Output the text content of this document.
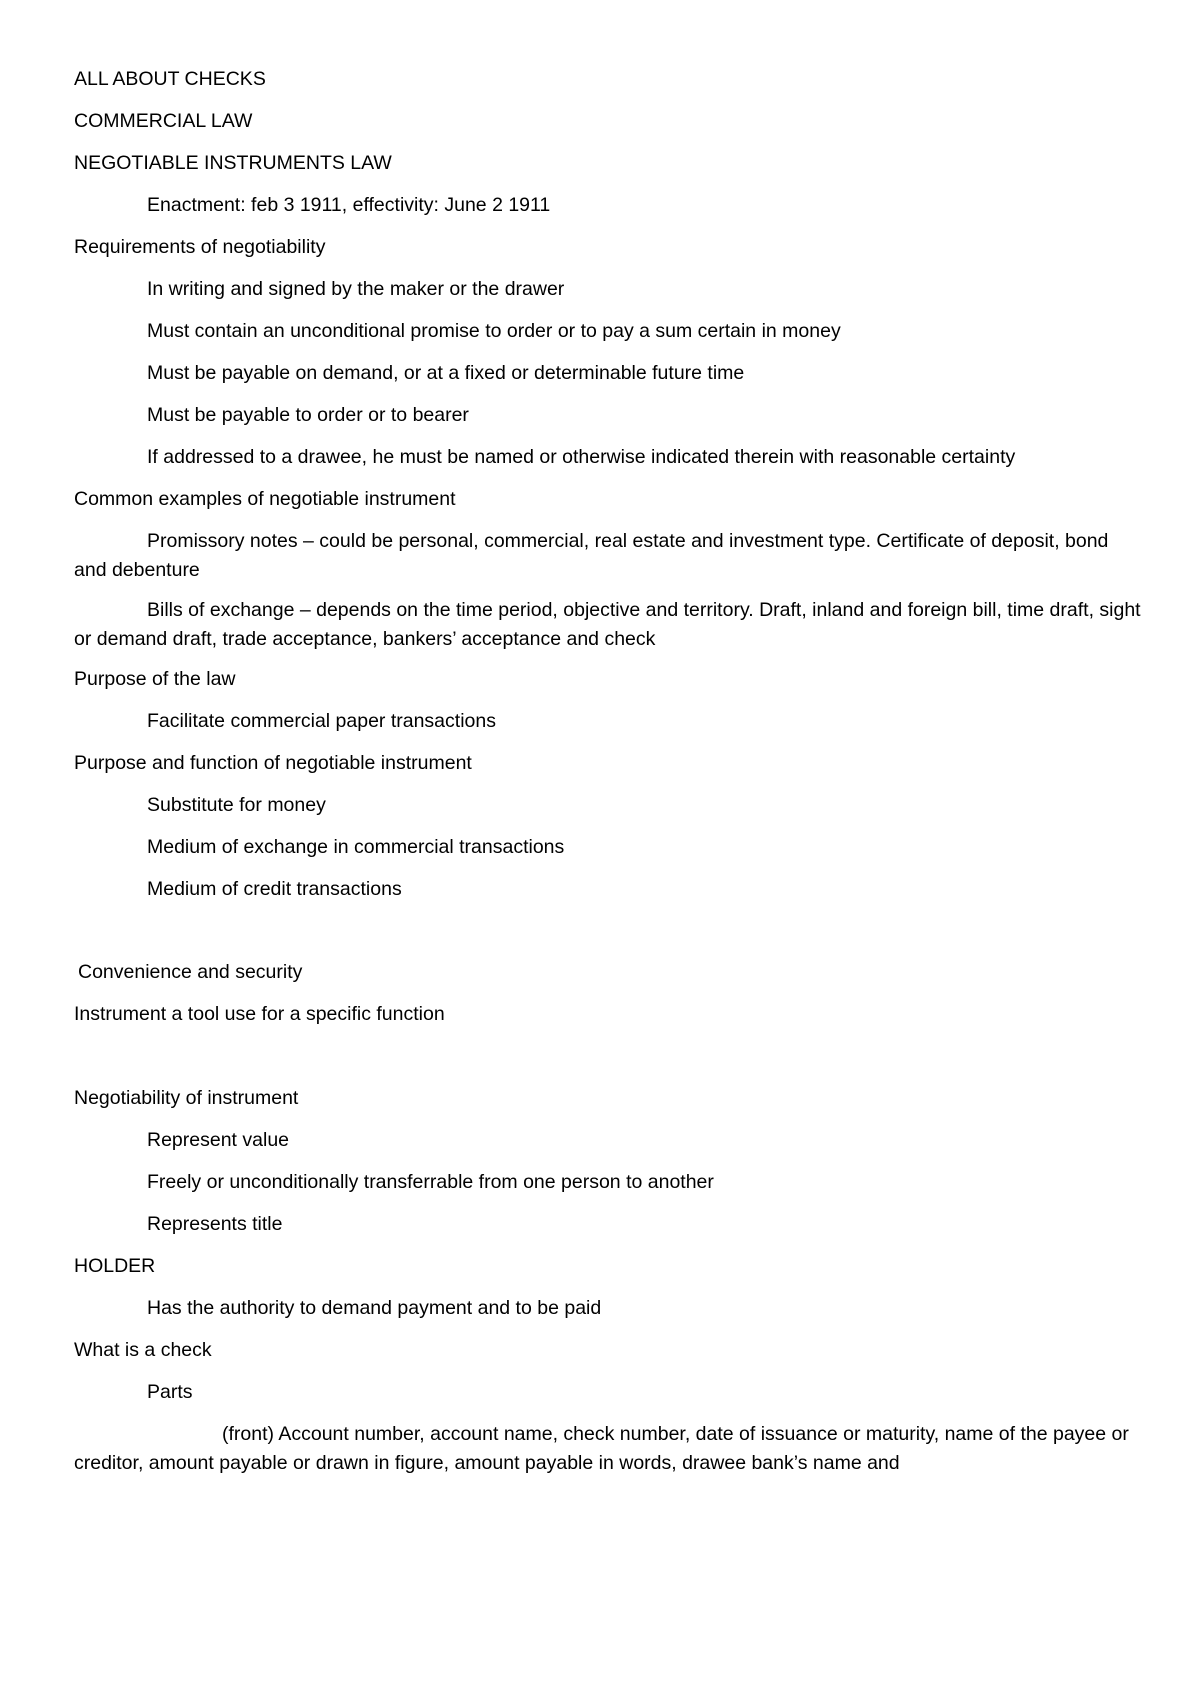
ALL ABOUT CHECKS
COMMERCIAL LAW
NEGOTIABLE INSTRUMENTS LAW
Enactment: feb 3 1911, effectivity: June 2 1911
Requirements of negotiability
In writing and signed by the maker or the drawer
Must contain an unconditional promise to order or to pay a sum certain in money
Must be payable on demand, or at a fixed or determinable future time
Must be payable to order or to bearer
If addressed to a drawee, he must be named or otherwise indicated therein with reasonable certainty
Common examples of negotiable instrument
Promissory notes – could be personal, commercial, real estate and investment type. Certificate of deposit, bond and debenture
Bills of exchange – depends on the time period, objective and territory. Draft, inland and foreign bill, time draft, sight or demand draft, trade acceptance, bankers’ acceptance and check
Purpose of the law
Facilitate commercial paper transactions
Purpose and function of negotiable instrument
Substitute for money
Medium of exchange in commercial transactions
Medium of credit transactions
Convenience and security
Instrument a tool use for a specific function
Negotiability of instrument
Represent value
Freely or unconditionally transferrable from one person to another
Represents title
HOLDER
Has the authority to demand payment and to be paid
What is a check
Parts
(front) Account number, account name, check number, date of issuance or maturity, name of the payee or creditor, amount payable or drawn in figure, amount payable in words, drawee bank’s name and
